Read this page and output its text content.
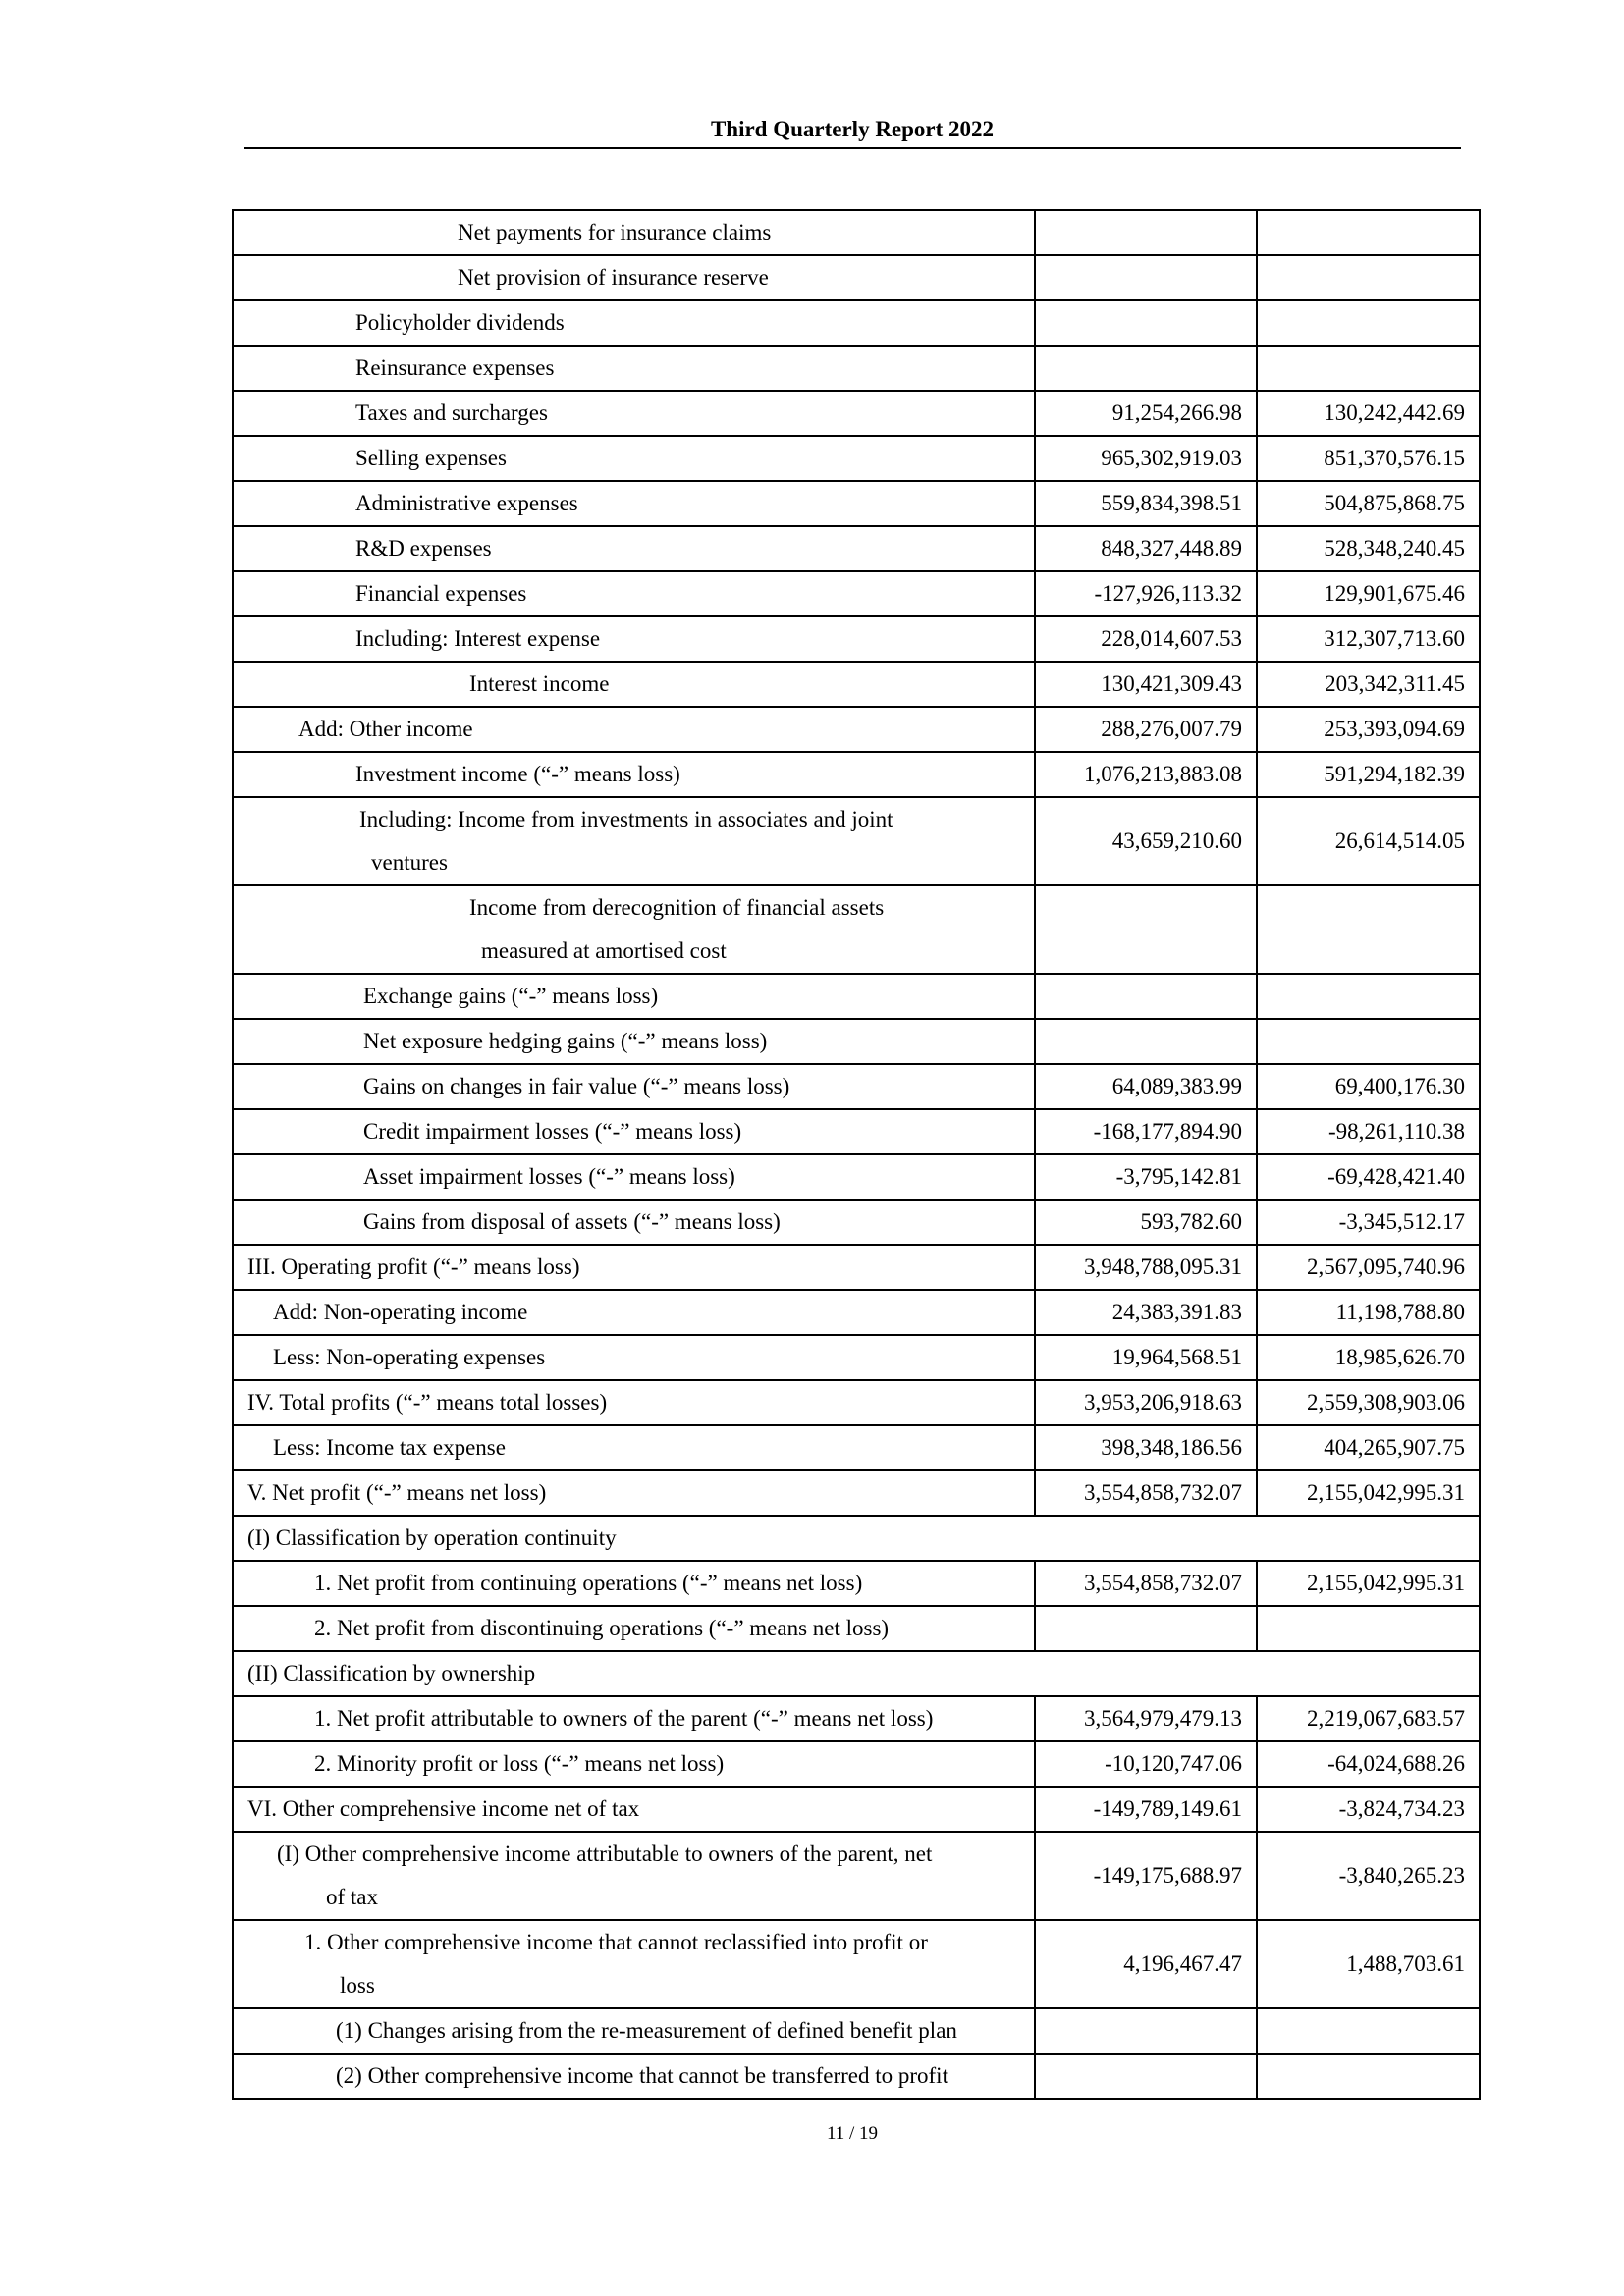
Third Quarterly Report 2022
Net payments for insurance claims		
Net provision of insurance reserve		
Policyholder dividends		
Reinsurance expenses		
Taxes and surcharges	91,254,266.98	130,242,442.69
Selling expenses	965,302,919.03	851,370,576.15
Administrative expenses	559,834,398.51	504,875,868.75
R&D expenses	848,327,448.89	528,348,240.45
Financial expenses	-127,926,113.32	129,901,675.46
Including: Interest expense	228,014,607.53	312,307,713.60
Interest income	130,421,309.43	203,342,311.45
Add: Other income	288,276,007.79	253,393,094.69
Investment income (“-” means loss)	1,076,213,883.08	591,294,182.39

Including: Income from investments in associates and joint
ventures	43,659,210.60	26,614,514.05

Income from derecognition of financial assets
measured at amortised cost		

Exchange gains (“-” means loss)		
Net exposure hedging gains (“-” means loss)		
Gains on changes in fair value (“-” means loss)	64,089,383.99	69,400,176.30
Credit impairment losses (“-” means loss)	-168,177,894.90	-98,261,110.38
Asset impairment losses (“-” means loss)	-3,795,142.81	-69,428,421.40
Gains from disposal of assets (“-” means loss)	593,782.60	-3,345,512.17
III. Operating profit (“-” means loss)	3,948,788,095.31	2,567,095,740.96
Add: Non-operating income	24,383,391.83	11,198,788.80
Less: Non-operating expenses	19,964,568.51	18,985,626.70
IV. Total profits (“-” means total losses)	3,953,206,918.63	2,559,308,903.06
Less: Income tax expense	398,348,186.56	404,265,907.75
V. Net profit (“-” means net loss)	3,554,858,732.07	2,155,042,995.31
(I) Classification by operation continuity		
1. Net profit from continuing operations (“-” means net loss)	3,554,858,732.07	2,155,042,995.31
2. Net profit from discontinuing operations (“-” means net loss)		
(II) Classification by ownership		
1. Net profit attributable to owners of the parent (“-” means net loss)	3,564,979,479.13	2,219,067,683.57
2. Minority profit or loss (“-” means net loss)	-10,120,747.06	-64,024,688.26
VI. Other comprehensive income net of tax	-149,789,149.61	-3,824,734.23

(I) Other comprehensive income attributable to owners of the parent, net
of tax	-149,175,688.97	-3,840,265.23

1. Other comprehensive income that cannot reclassified into profit or
loss	4,196,467.47	1,488,703.61
(1) Changes arising from the re-measurement of defined benefit plan		
(2) Other comprehensive income that cannot be transferred to profit		
11 / 19
